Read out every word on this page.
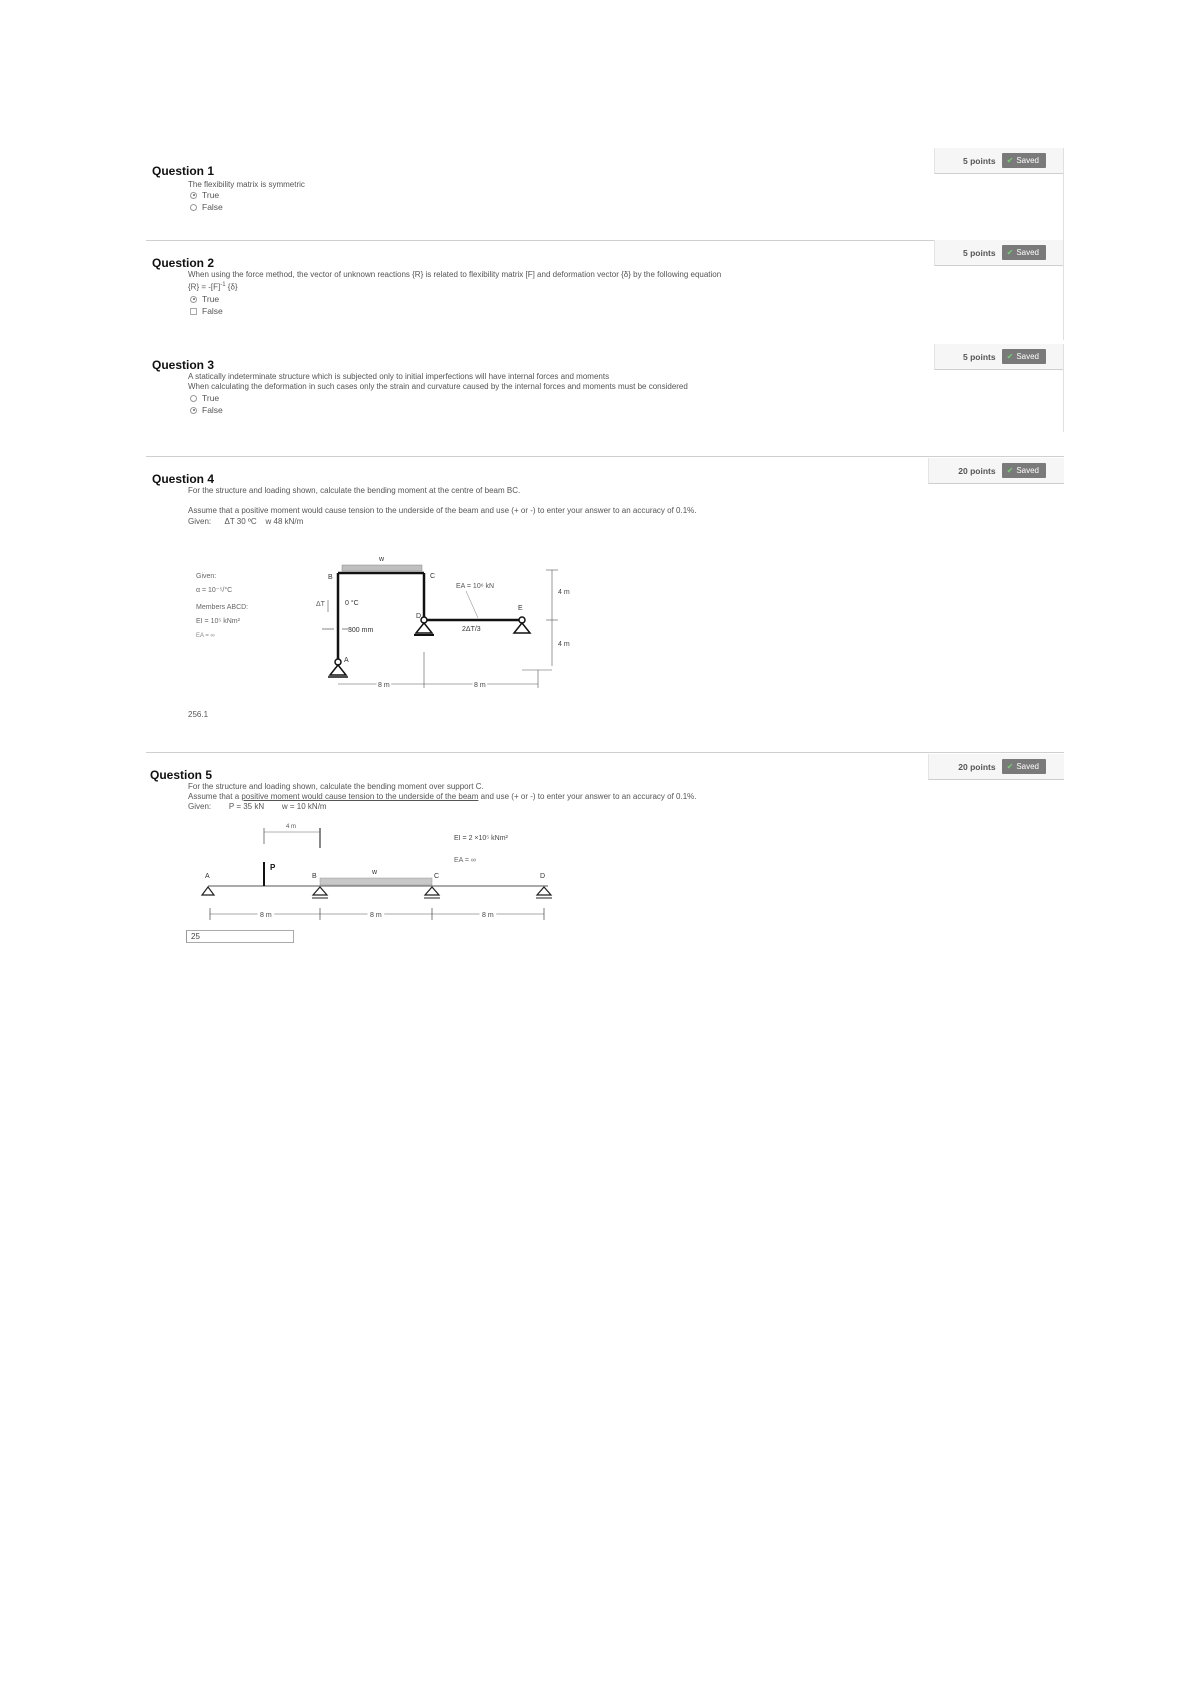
5 points ✔ Saved
Question 1
The flexibility matrix is symmetric
True
False
5 points ✔ Saved
Question 2
When using the force method, the vector of unknown reactions {R} is related to flexibility matrix [F] and deformation vector {δ} by the following equation
$\{R\} = -[F]^{-1}$ {δ}
True
False
5 points ✔ Saved
Question 3
A statically indeterminate structure which is subjected only to initial imperfections will have internal forces and moments
When calculating the deformation in such cases only the strain and curvature caused by the internal forces and moments must be considered
True
False
20 points ✔ Saved
Question 4
For the structure and loading shown, calculate the bending moment at the centre of beam BC.
Assume that a positive moment would cause tension to the underside of the beam and use (+ or -) to enter your answer to an accuracy of 0.1%.
Given: ΔT 30 ºC w 48 kN/m
Given:
α = 10⁻⁵/°C
Members ABCD:
EI = 10⁵ kNm²
EA = ∞
w
B	C
D
E
A
EA = 10⁶ kN
ΔT	0 °C
300 mm	2ΔT/3
4 m
4 m
8 m	8 m
256.1
20 points ✔ Saved
Question 5
For the structure and loading shown, calculate the bending moment over support C.
Assume that a positive moment would cause tension to the underside of the beam and use (+ or -) to enter your answer to an accuracy of 0.1%.
Given: P = 35 kN w = 10 kN/m
4 m
EI = 2 ×10⁵ kNm²
EA = ∞
P
w
A	B	C	D
8 m	8 m	8 m
25
